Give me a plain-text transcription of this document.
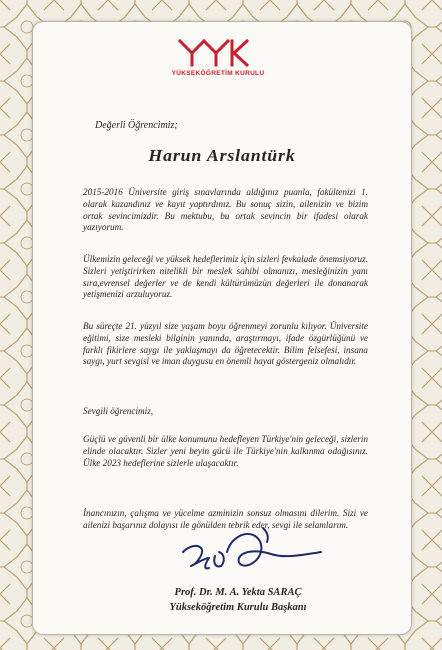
YÜKSEKÖĞRETİM KURULU

Değerli Öğrencimiz;

Harun Arslantürk

2015-2016 Üniversite giriş sınavlarında aldığınız puanla, fakültenizi 1. olarak kazandınız ve kayıt yaptırdınız. Bu sonuç sizin, ailenizin ve bizim ortak sevincimizdir. Bu mektubu, bu ortak sevincin bir ifadesi olarak yazıyorum.

Ülkemizin geleceği ve yüksek hedeflerimiz için sizleri fevkalade önemsiyoruz. Sizleri yetiştirirken nitelikli bir meslek sahibi olmanızı, mesleğinizin yanı sıra,evrensel değerler ve de kendi kültürümüzün değerleri ile donanarak yetişmenizi arzuluyoruz.

Bu süreçte 21. yüzyıl size yaşam boyu öğrenmeyi zorunlu kılıyor. Üniversite eğitimi, size mesleki bilginin yanında, araştırmayı, ifade özgürlüğünü ve farklı fikirlere saygı ile yaklaşmayı da öğretecektir. Bilim felsefesi, insana saygı, yurt sevgisi ve iman duygusu en önemli hayat göstergeniz olmalıdır.

Sevgili öğrencimiz,

Güçlü ve güvenli bir ülke konumunu hedefleyen Türkiye'nin geleceği, sizlerin elinde olacaktır. Sizler yeni beyin gücü ile Türkiye'nin kalkınma odağısınız. Ülke 2023 hedeflerine sizlerle ulaşacaktır.

İnancınızın, çalışma ve yücelme azminizin sonsuz olmasını dilerim. Sizi ve ailenizi başarınız dolayısı ile gönülden tebrik eder, sevgi ile selamlarım.

Prof. Dr. M. A. Yekta SARAÇ

Yükseköğretim Kurulu Başkanı
